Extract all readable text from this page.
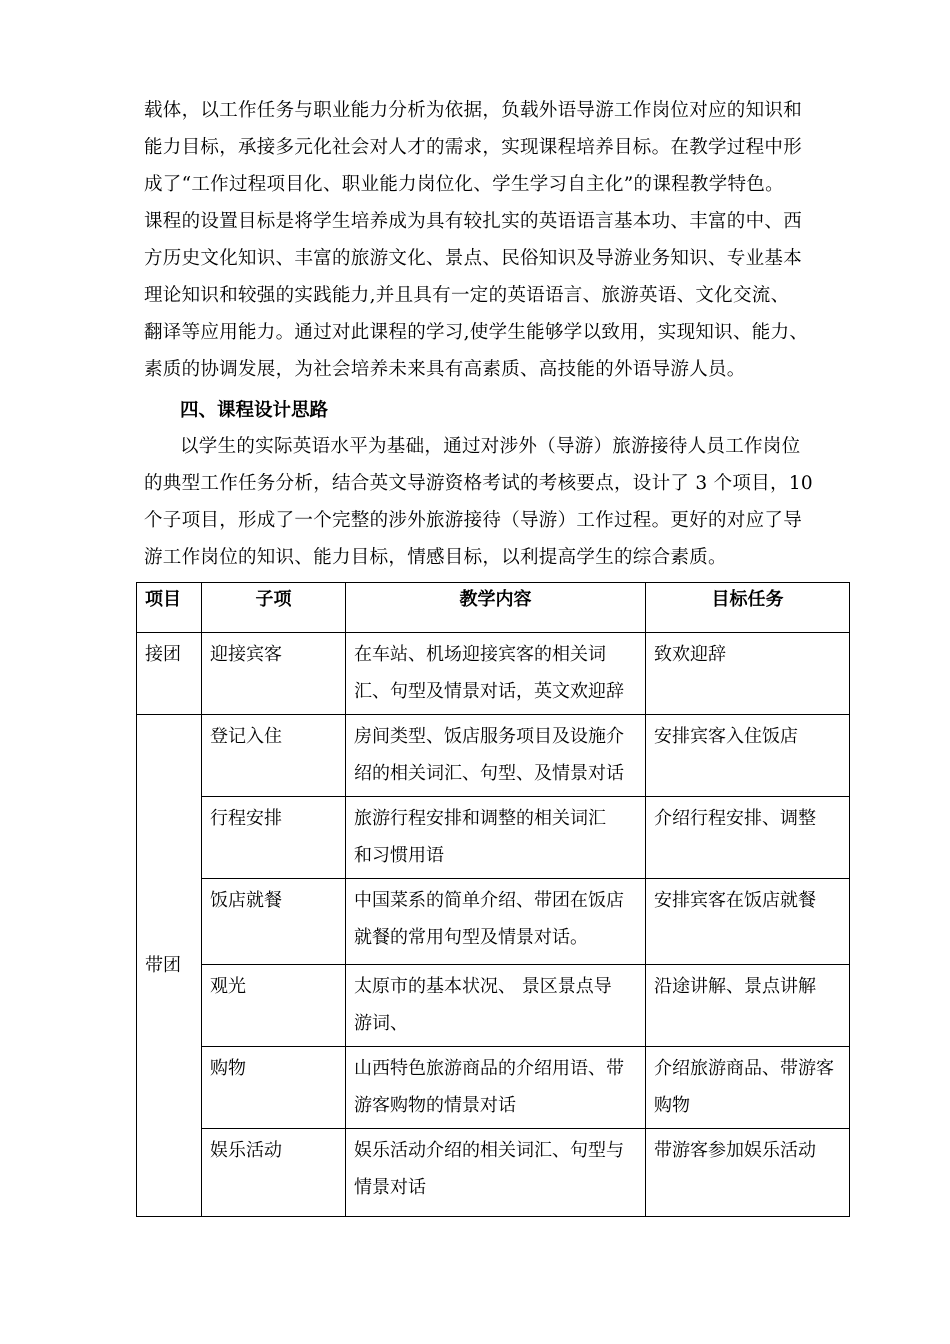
载体，以工作任务与职业能力分析为依据，负载外语导游工作岗位对应的知识和
能力目标，承接多元化社会对人才的需求，实现课程培养目标。在教学过程中形
成了“工作过程项目化、职业能力岗位化、学生学习自主化”的课程教学特色。
课程的设置目标是将学生培养成为具有较扎实的英语语言基本功、丰富的中、西
方历史文化知识、丰富的旅游文化、景点、民俗知识及导游业务知识、专业基本
理论知识和较强的实践能力,并且具有一定的英语语言、旅游英语、文化交流、
翻译等应用能力。通过对此课程的学习,使学生能够学以致用，实现知识、能力、
素质的协调发展，为社会培养未来具有高素质、高技能的外语导游人员。

四、课程设计思路

以学生的实际英语水平为基础，通过对涉外（导游）旅游接待人员工作岗位
的典型工作任务分析，结合英文导游资格考试的考核要点，设计了 3 个项目，10
个子项目，形成了一个完整的涉外旅游接待（导游）工作过程。更好的对应了导
游工作岗位的知识、能力目标，情感目标，以利提高学生的综合素质。
项目	子项	教学内容	目标任务
接团	迎接宾客	在车站、机场迎接宾客的相关词
汇、句型及情景对话，英文欢迎辞	致欢迎辞

带团	登记入住	房间类型、饭店服务项目及设施介
绍的相关词汇、句型、及情景对话	安排宾客入住饭店

	行程安排	旅游行程安排和调整的相关词汇
和习惯用语	介绍行程安排、调整

	饭店就餐	中国菜系的简单介绍、带团在饭店
就餐的常用句型及情景对话。	安排宾客在饭店就餐

	观光	太原市的基本状况、 景区景点导
游词、	沿途讲解、景点讲解

	购物	山西特色旅游商品的介绍用语、带
游客购物的情景对话	介绍旅游商品、带游客
购物

	娱乐活动	娱乐活动介绍的相关词汇、句型与
情景对话	带游客参加娱乐活动
